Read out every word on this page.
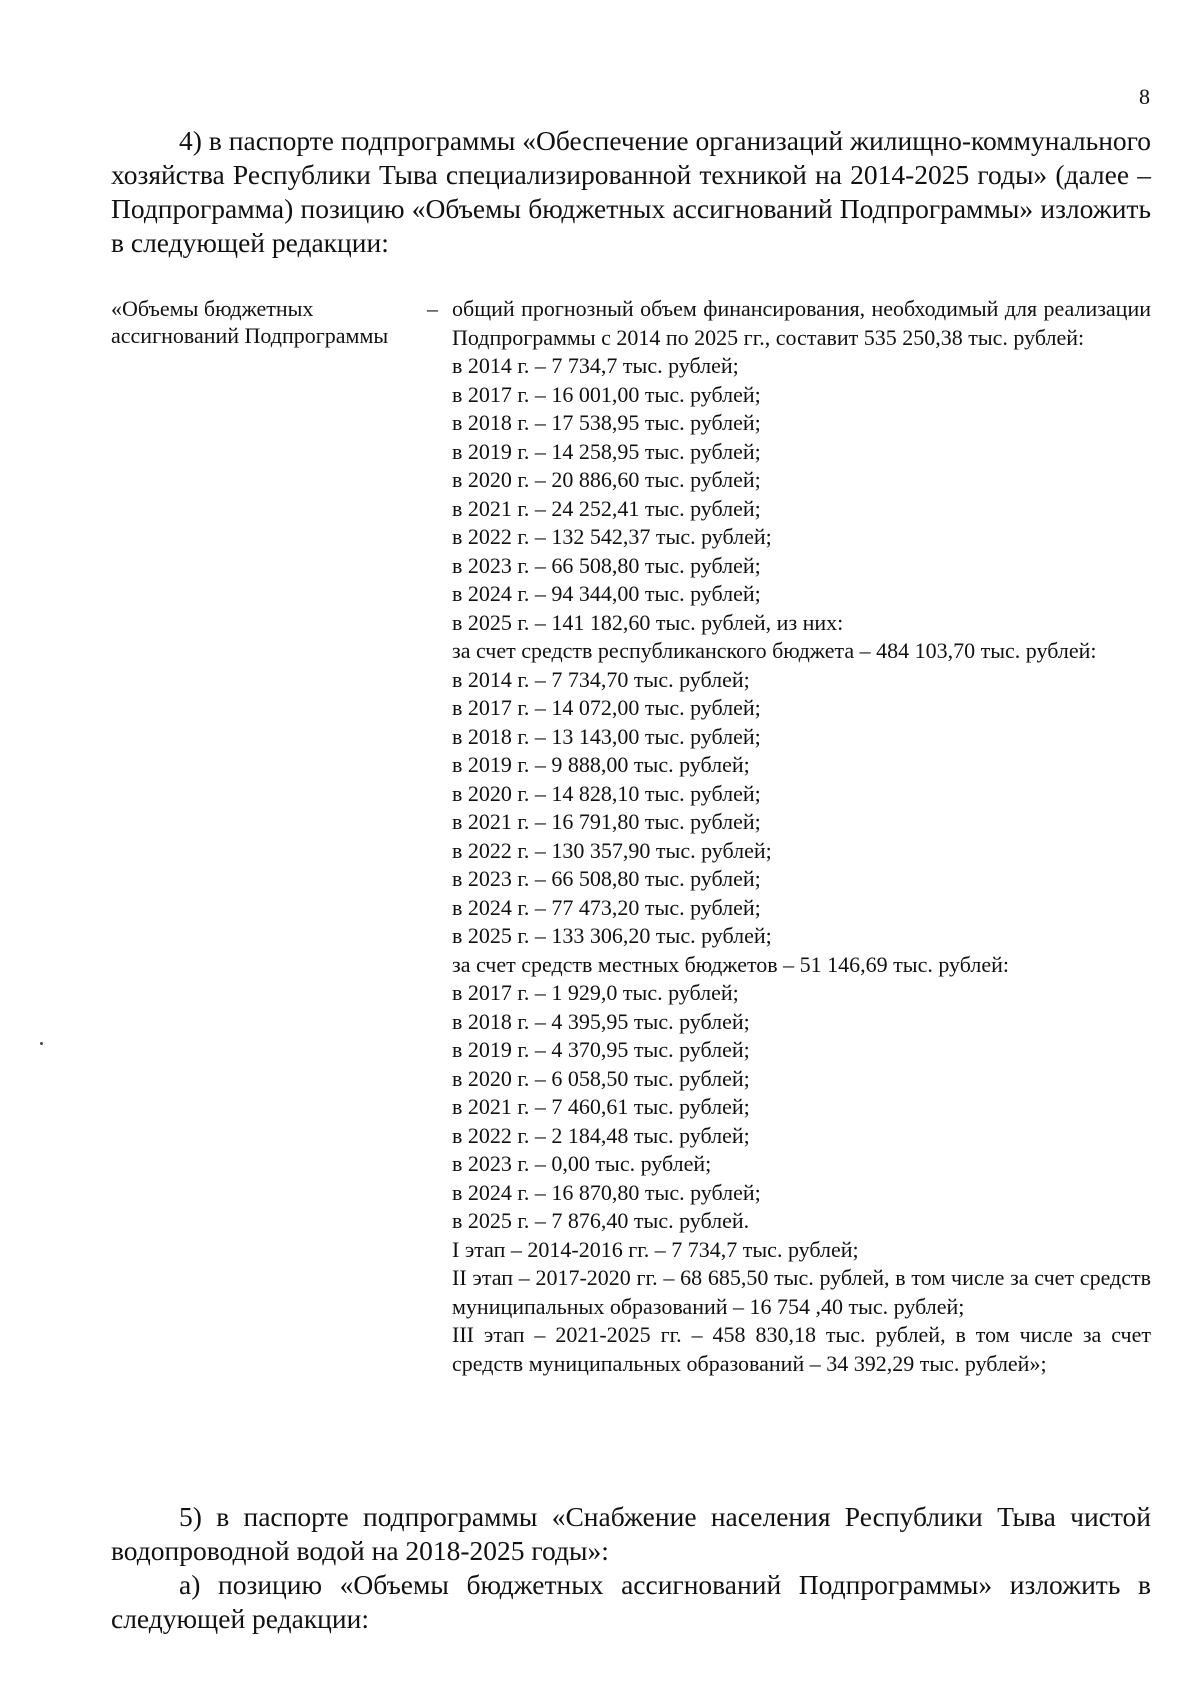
8

4) в паспорте подпрограммы «Обеспечение организаций жилищно-коммунального хозяйства Республики Тыва специализированной техникой на 2014-2025 годы» (далее – Подпрограмма) позицию «Объемы бюджетных ассигнований Подпрограммы» изложить в следующей редакции:

«Объемы бюджетных ассигнований Подпрограммы

– общий прогнозный объем финансирования, необходимый для реализации Подпрограммы с 2014 по 2025 гг., составит 535 250,38 тыс. рублей:
в 2014 г. – 7 734,7 тыс. рублей;
в 2017 г. – 16 001,00 тыс. рублей;
в 2018 г. – 17 538,95 тыс. рублей;
в 2019 г. – 14 258,95 тыс. рублей;
в 2020 г. – 20 886,60 тыс. рублей;
в 2021 г. – 24 252,41 тыс. рублей;
в 2022 г. – 132 542,37 тыс. рублей;
в 2023 г. – 66 508,80 тыс. рублей;
в 2024 г. – 94 344,00 тыс. рублей;
в 2025 г. – 141 182,60 тыс. рублей, из них:
за счет средств республиканского бюджета – 484 103,70 тыс. рублей:
в 2014 г. – 7 734,70 тыс. рублей;
в 2017 г. – 14 072,00 тыс. рублей;
в 2018 г. – 13 143,00 тыс. рублей;
в 2019 г. – 9 888,00 тыс. рублей;
в 2020 г. – 14 828,10 тыс. рублей;
в 2021 г. – 16 791,80 тыс. рублей;
в 2022 г. – 130 357,90 тыс. рублей;
в 2023 г. – 66 508,80 тыс. рублей;
в 2024 г. – 77 473,20 тыс. рублей;
в 2025 г. – 133 306,20 тыс. рублей;
за счет средств местных бюджетов – 51 146,69 тыс. рублей:
в 2017 г. – 1 929,0 тыс. рублей;
в 2018 г. – 4 395,95 тыс. рублей;
в 2019 г. – 4 370,95 тыс. рублей;
в 2020 г. – 6 058,50 тыс. рублей;
в 2021 г. – 7 460,61 тыс. рублей;
в 2022 г. – 2 184,48 тыс. рублей;
в 2023 г. – 0,00 тыс. рублей;
в 2024 г. – 16 870,80 тыс. рублей;
в 2025 г. – 7 876,40 тыс. рублей.
I этап – 2014-2016 гг. – 7 734,7 тыс. рублей;
II этап – 2017-2020 гг. – 68 685,50 тыс. рублей, в том числе за счет средств муниципальных образований – 16 754 ,40 тыс. рублей;
III этап – 2021-2025 гг. – 458 830,18 тыс. рублей, в том числе за счет средств муниципальных образований – 34 392,29 тыс. рублей»;

5) в паспорте подпрограммы «Снабжение населения Республики Тыва чистой водопроводной водой на 2018-2025 годы»:

а) позицию «Объемы бюджетных ассигнований Подпрограммы» изложить в следующей редакции:
